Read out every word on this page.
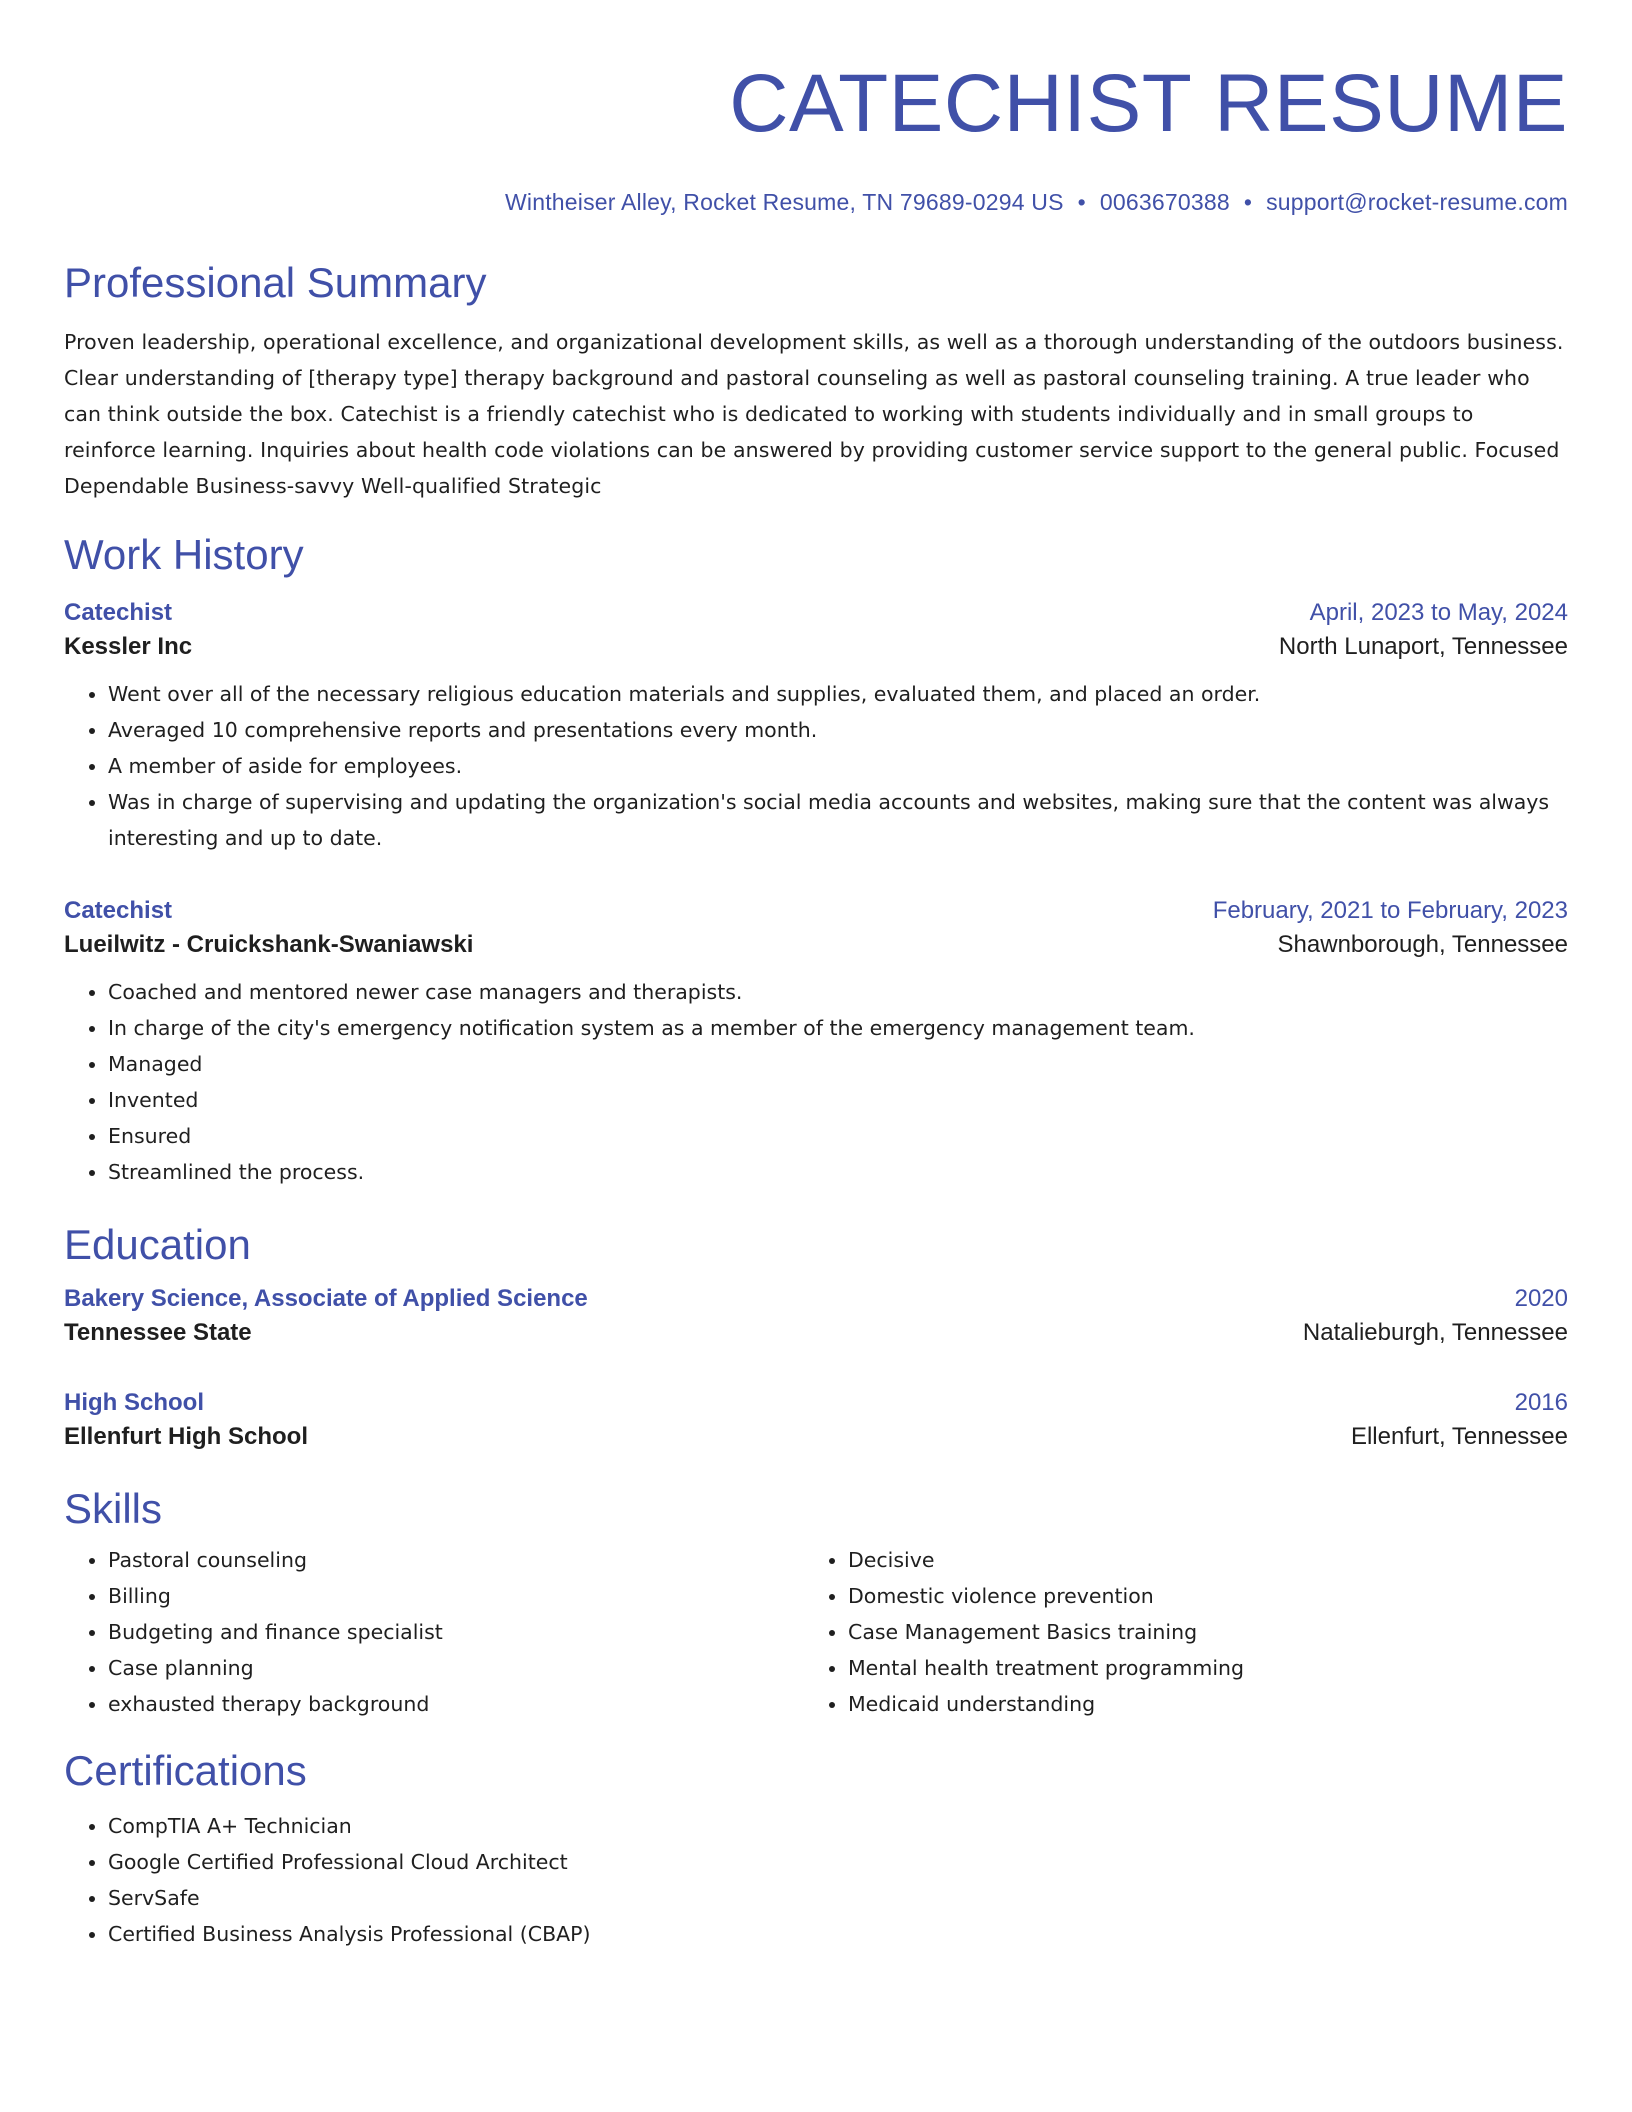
CATECHIST RESUME
Wintheiser Alley, Rocket Resume, TN 79689-0294 US • 0063670388 • support@rocket-resume.com
Professional Summary
Proven leadership, operational excellence, and organizational development skills, as well as a thorough understanding of the outdoors business. Clear understanding of [therapy type] therapy background and pastoral counseling as well as pastoral counseling training. A true leader who can think outside the box. Catechist is a friendly catechist who is dedicated to working with students individually and in small groups to reinforce learning. Inquiries about health code violations can be answered by providing customer service support to the general public. Focused Dependable Business-savvy Well-qualified Strategic
Work History
Catechist	April, 2023 to May, 2024
Kessler Inc	North Lunaport, Tennessee
• Went over all of the necessary religious education materials and supplies, evaluated them, and placed an order.
• Averaged 10 comprehensive reports and presentations every month.
• A member of aside for employees.
• Was in charge of supervising and updating the organization's social media accounts and websites, making sure that the content was always interesting and up to date.
Catechist	February, 2021 to February, 2023
Lueilwitz - Cruickshank-Swaniawski	Shawnborough, Tennessee
• Coached and mentored newer case managers and therapists.
• In charge of the city's emergency notification system as a member of the emergency management team.
• Managed
• Invented
• Ensured
• Streamlined the process.
Education
Bakery Science, Associate of Applied Science	2020
Tennessee State	Natalieburgh, Tennessee
High School	2016
Ellenfurt High School	Ellenfurt, Tennessee
Skills
• Pastoral counseling
• Billing
• Budgeting and finance specialist
• Case planning
• exhausted therapy background
• Decisive
• Domestic violence prevention
• Case Management Basics training
• Mental health treatment programming
• Medicaid understanding
Certifications
• CompTIA A+ Technician
• Google Certified Professional Cloud Architect
• ServSafe
• Certified Business Analysis Professional (CBAP)
